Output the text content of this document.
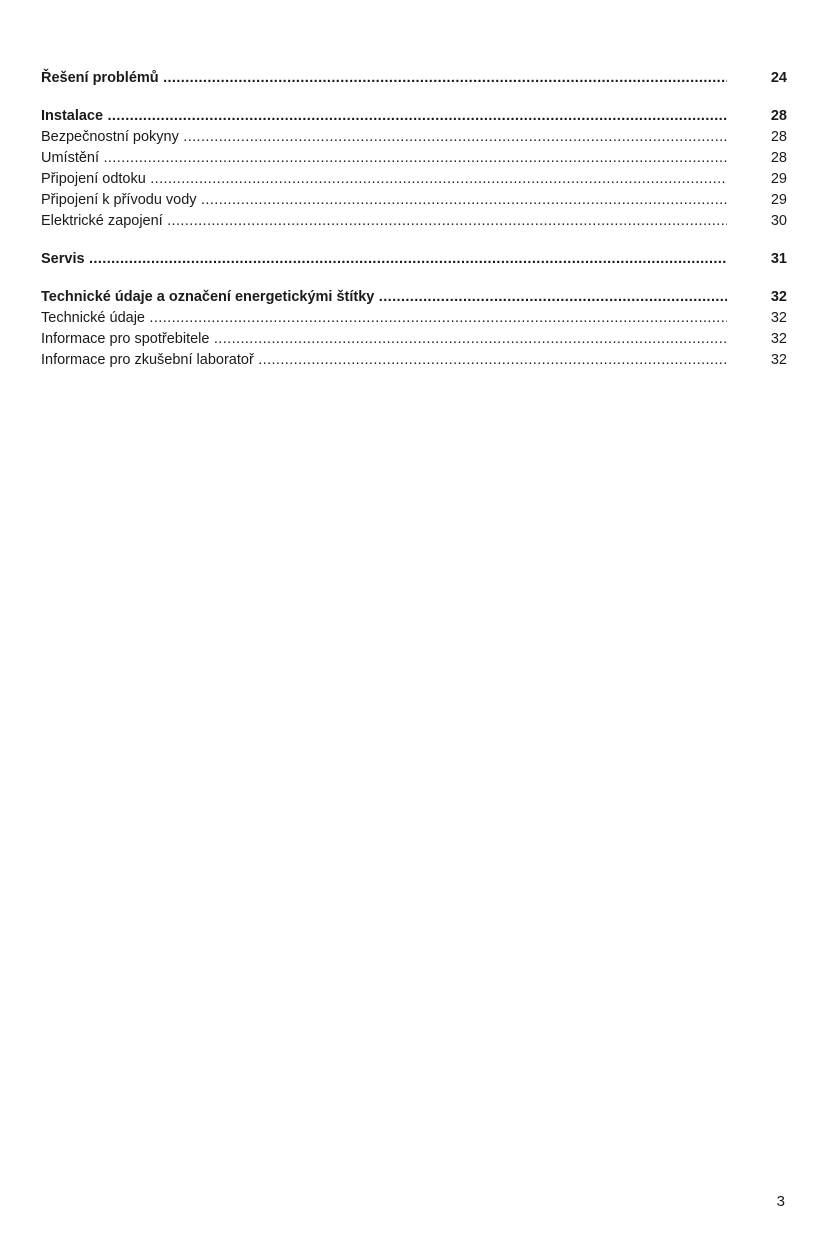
Řešení problémů .....	24
Instalace .....	28
Bezpečnostní pokyny .....	28
Umístění .....	28
Připojení odtoku .....	29
Připojení k přívodu vody .....	29
Elektrické zapojení .....	30
Servis .....	31
Technické údaje a označení energetickými štítky .....	32
Technické údaje .....	32
Informace pro spotřebitele .....	32
Informace pro zkušební laboratoř .....	32
3
